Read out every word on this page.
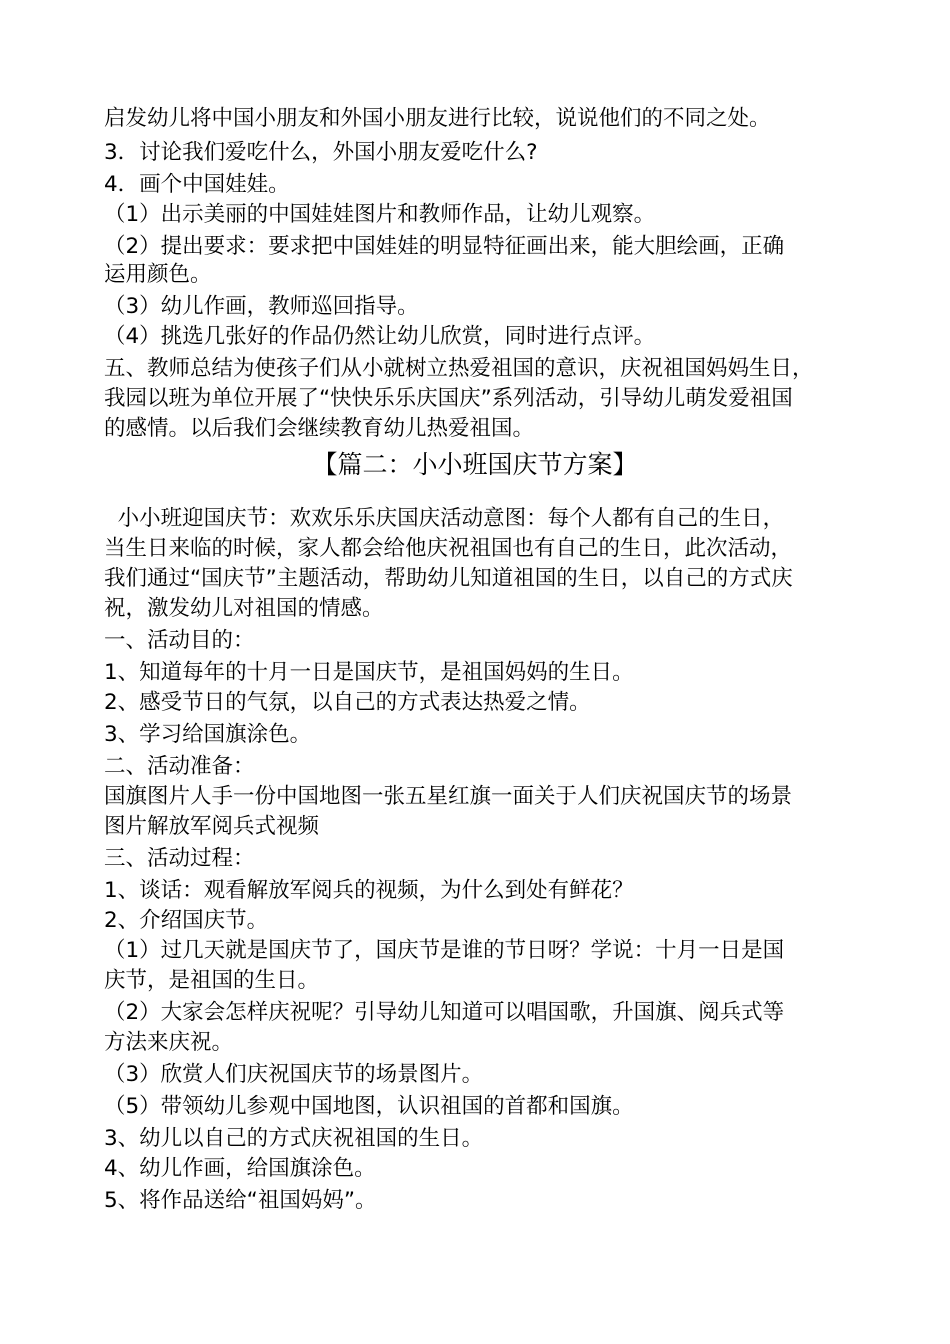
启发幼儿将中国小朋友和外国小朋友进行比较，说说他们的不同之处。
3．讨论我们爱吃什么，外国小朋友爱吃什么?
4．画个中国娃娃。
（1）出示美丽的中国娃娃图片和教师作品，让幼儿观察。
（2）提出要求：要求把中国娃娃的明显特征画出来，能大胆绘画，正确
运用颜色。
（3）幼儿作画，教师巡回指导。
（4）挑选几张好的作品仍然让幼儿欣赏，同时进行点评。
五、教师总结为使孩子们从小就树立热爱祖国的意识，庆祝祖国妈妈生日，
我园以班为单位开展了“快快乐乐庆国庆”系列活动，引导幼儿萌发爱祖国
的感情。以后我们会继续教育幼儿热爱祖国。
【篇二：小小班国庆节方案】
小小班迎国庆节：欢欢乐乐庆国庆活动意图：每个人都有自己的生日，
当生日来临的时候，家人都会给他庆祝祖国也有自己的生日，此次活动，
我们通过“国庆节”主题活动，帮助幼儿知道祖国的生日，以自己的方式庆
祝，激发幼儿对祖国的情感。
一、活动目的：
1、知道每年的十月一日是国庆节，是祖国妈妈的生日。
2、感受节日的气氛，以自己的方式表达热爱之情。
3、学习给国旗涂色。
二、活动准备：
国旗图片人手一份中国地图一张五星红旗一面关于人们庆祝国庆节的场景
图片解放军阅兵式视频
三、活动过程：
1、谈话：观看解放军阅兵的视频，为什么到处有鲜花？
2、介绍国庆节。
（1）过几天就是国庆节了，国庆节是谁的节日呀？学说：十月一日是国
庆节，是祖国的生日。
（2）大家会怎样庆祝呢？引导幼儿知道可以唱国歌，升国旗、阅兵式等
方法来庆祝。
（3）欣赏人们庆祝国庆节的场景图片。
（5）带领幼儿参观中国地图，认识祖国的首都和国旗。
3、幼儿以自己的方式庆祝祖国的生日。
4、幼儿作画，给国旗涂色。
5、将作品送给“祖国妈妈”。
